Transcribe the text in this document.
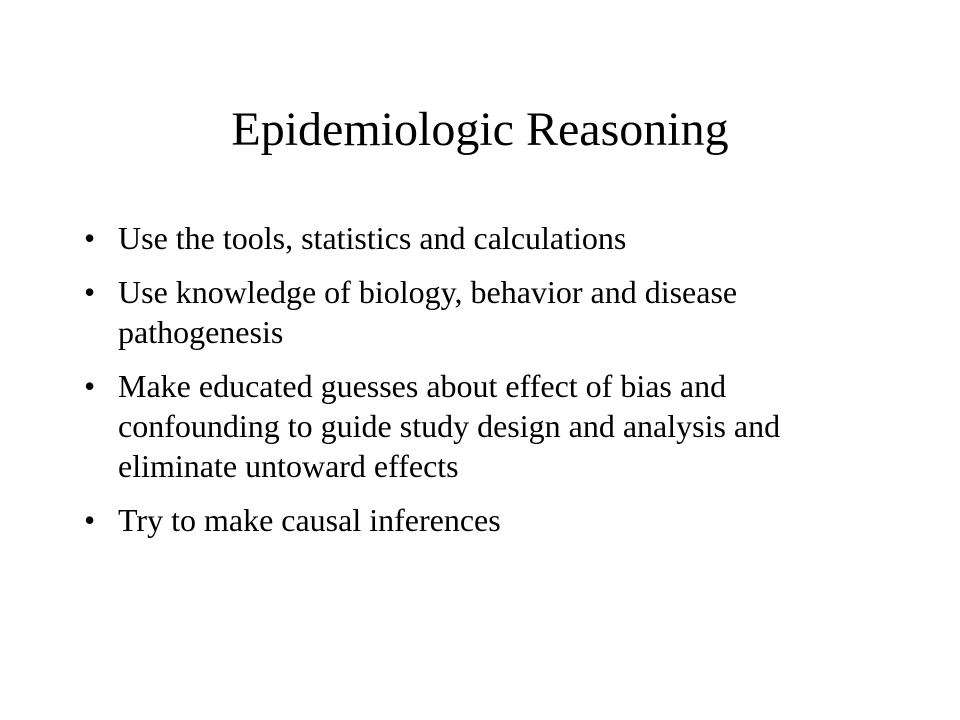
Epidemiologic Reasoning
• Use the tools, statistics and calculations
• Use knowledge of biology, behavior and disease pathogenesis
• Make educated guesses about effect of bias and confounding to guide study design and analysis and eliminate untoward effects
• Try to make causal inferences
